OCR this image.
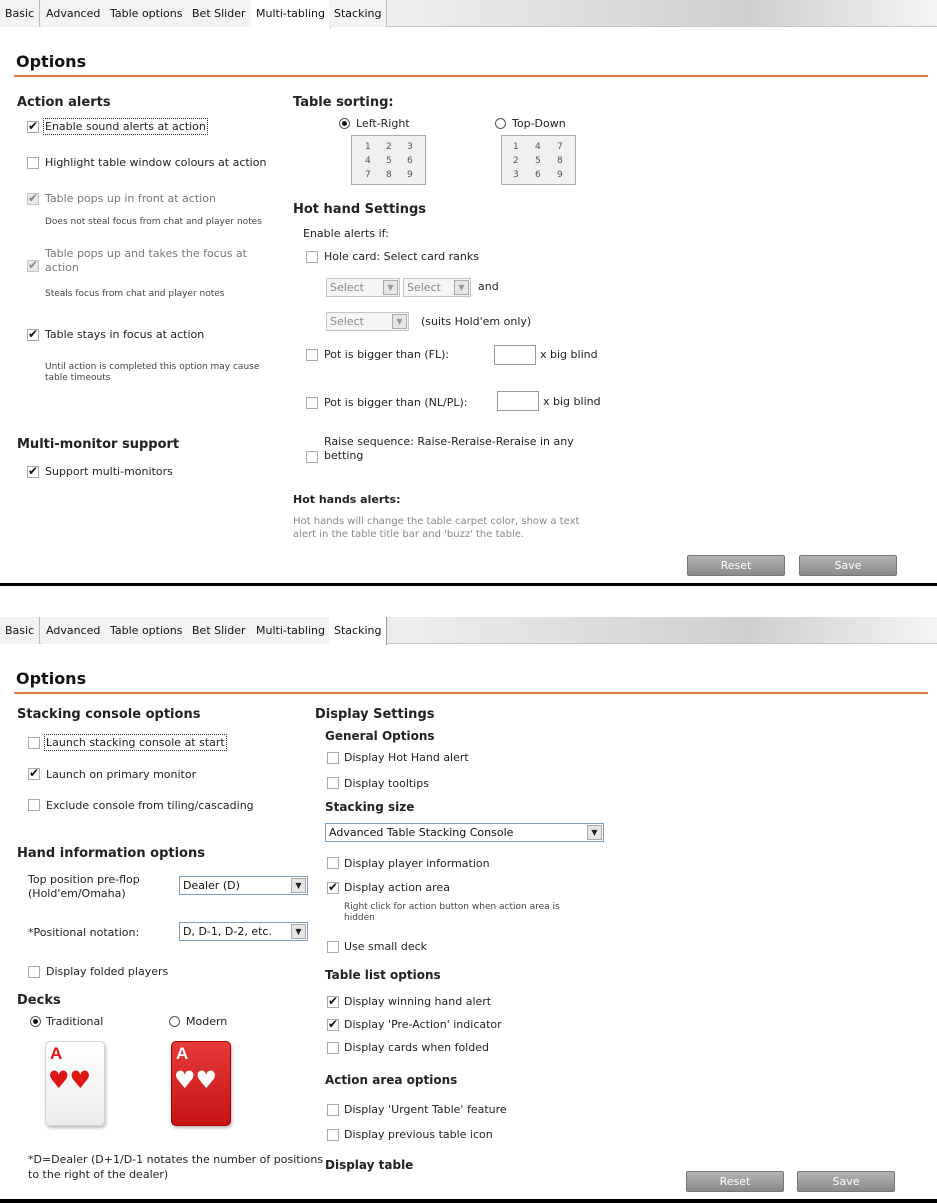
Basic	Advanced Table options Bet Slider Multi-tabling Stacking
Options
Action alerts
✔
Enable sound alerts at action
Highlight table window colours at action
✔
Table pops up in front at action
Does not steal focus from chat and player notes
✔
Table pops up and takes the focus at
action
Steals focus from chat and player notes
✔
Table stays in focus at action
Until action is completed this option may cause
table timeouts
Multi-monitor support
✔
Support multi-monitors
Table sorting:
Left-Right	Top-Down
1 2 3
4 5 6
7 8 9
1 4 7
2 5 8
3 6 9
Hot hand Settings
Enable alerts if:
Hole card: Select card ranks
Select	▼	Select	▼	and
Select	▼	(suits Hold'em only)
Pot is bigger than (FL):	x big blind
Pot is bigger than (NL/PL):	x big blind
Raise sequence: Raise-Reraise-Reraise in any
betting
Hot hands alerts:
Hot hands will change the table carpet color, show a text
alert in the table title bar and 'buzz' the table.
Reset	Save
Basic	Advanced Table options Bet Slider Multi-tabling Stacking
Options
Stacking console options
Launch stacking console at start
✔
Launch on primary monitor
Exclude console from tiling/cascading
Hand information options
Top position pre-flop
(Hold'em/Omaha)
Dealer (D)	▼
*Positional notation:	D, D-1, D-2, etc.	▼
Display folded players
Decks
Traditional	Modern
A
♥♥
A
♥♥
*D=Dealer (D+1/D-1 notates the number of positions
to the right of the dealer)
Display Settings
General Options
Display Hot Hand alert
Display tooltips
Stacking size
Advanced Table Stacking Console	▼
Display player information
✔
Display action area
Right click for action button when action area is
hidden
Use small deck
Table list options
✔
Display winning hand alert
✔
Display 'Pre-Action' indicator
Display cards when folded
Action area options
Display 'Urgent Table' feature
Display previous table icon
Display table
Reset	Save
